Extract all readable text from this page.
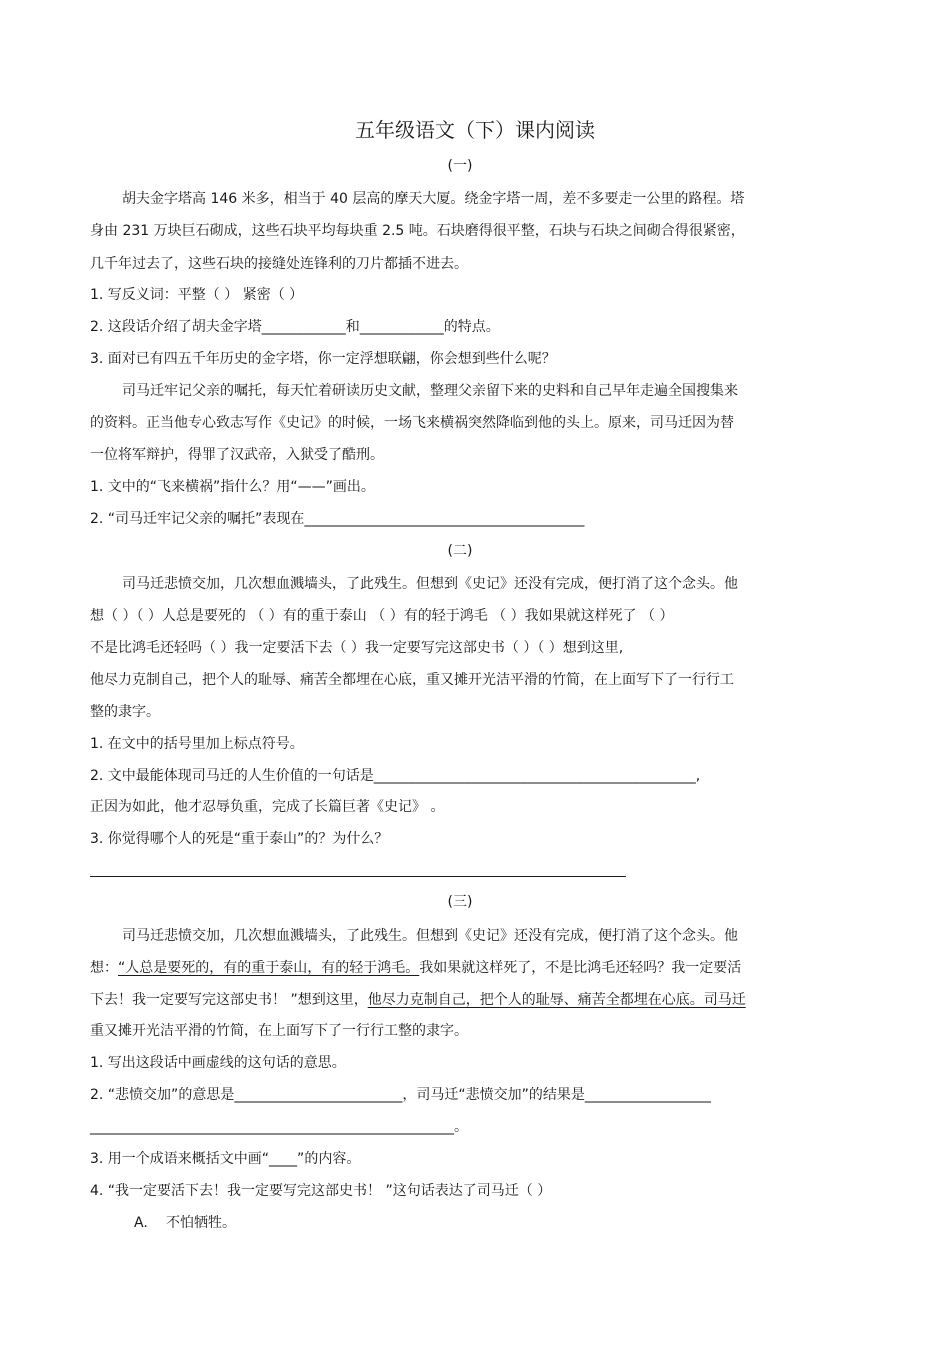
五年级语文（下）课内阅读
(一)
胡夫金字塔高 146 米多，相当于 40 层高的摩天大厦。绕金字塔一周，差不多要走一公里的路程。塔
身由 231 万块巨石砌成，这些石块平均每块重 2.5 吨。石块磨得很平整，石块与石块之间砌合得很紧密，
几千年过去了，这些石块的接缝处连锋利的刀片都插不进去。
1. 写反义词：平整（ ） 紧密（ ）
2. 这段话介绍了胡夫金字塔____________和____________的特点。
3. 面对已有四五千年历史的金字塔，你一定浮想联翩，你会想到些什么呢？
司马迁牢记父亲的嘱托，每天忙着研读历史文献，整理父亲留下来的史料和自己早年走遍全国搜集来
的资料。正当他专心致志写作《史记》的时候，一场飞来横祸突然降临到他的头上。原来，司马迁因为替
一位将军辩护，得罪了汉武帝，入狱受了酷刑。
1. 文中的“飞来横祸”指什么？用“——”画出。
2. “司马迁牢记父亲的嘱托”表现在________________________________________
(二)
司马迁悲愤交加，几次想血溅墙头，了此残生。但想到《史记》还没有完成，便打消了这个念头。他
想（ ）（ ）人总是要死的 （ ）有的重于泰山 （ ）有的轻于鸿毛 （ ）我如果就这样死了 （ ）
不是比鸿毛还轻吗（ ）我一定要活下去（ ）我一定要写完这部史书（ ）（ ）想到这里,
他尽力克制自己，把个人的耻辱、痛苦全都埋在心底，重又摊开光洁平滑的竹简，在上面写下了一行行工
整的隶字。
1. 在文中的括号里加上标点符号。
2. 文中最能体现司马迁的人生价值的一句话是______________________________________________,
正因为如此，他才忍辱负重，完成了长篇巨著《史记》 。
3. 你觉得哪个人的死是“重于泰山”的？为什么？
(三)
司马迁悲愤交加，几次想血溅墙头，了此残生。但想到《史记》还没有完成，便打消了这个念头。他
想：“人总是要死的，有的重于泰山，有的轻于鸿毛。我如果就这样死了，不是比鸿毛还轻吗？我一定要活
下去！我一定要写完这部史书！ ”想到这里，他尽力克制自己，把个人的耻辱、痛苦全都埋在心底。司马迁
重又摊开光洁平滑的竹简，在上面写下了一行行工整的隶字。
1. 写出这段话中画虚线的这句话的意思。
2. “悲愤交加”的意思是________________________，司马迁“悲愤交加”的结果是__________________
____________________________________________________。
3. 用一个成语来概括文中画“____”的内容。
4. “我一定要活下去！我一定要写完这部史书！ ”这句话表达了司马迁（ ）
A. 不怕牺牲。
